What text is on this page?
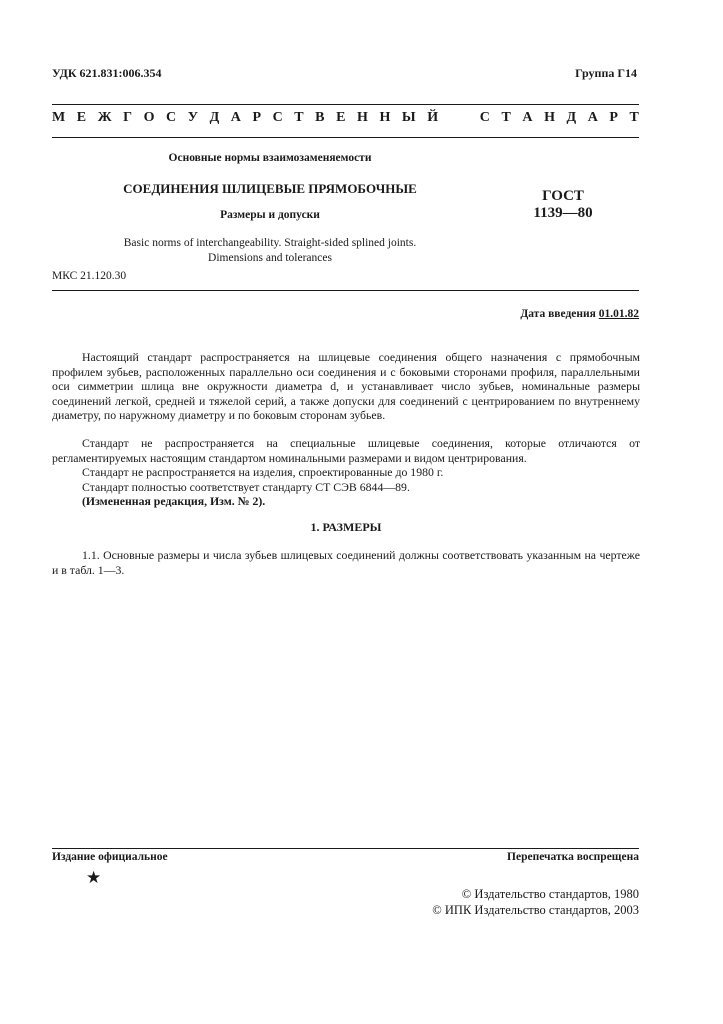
УДК 621.831:006.354	Группа Г14
М Е Ж Г О С У Д А Р С Т В Е Н Н Ы Й

	С Т А Н Д А Р Т
Основные нормы взаимозаменяемости
СОЕДИНЕНИЯ ШЛИЦЕВЫЕ ПРЯМОБОЧНЫЕ
Размеры и допуски
ГОСТ
1139—80
Basic norms of interchangeability. Straight-sided splined joints.
Dimensions and tolerances
МКС 21.120.30
Дата введения 01.01.82

Настоящий стандарт распространяется на шлицевые соединения общего назначения с прямобочным профилем зубьев, расположенных параллельно оси соединения и с боковыми сторонами профиля, параллельными оси симметрии шлица вне окружности диаметра d, и устанавливает число зубьев, номинальные размеры соединений легкой, средней и тяжелой серий, а также допуски для соединений с центрированием по внутреннему диаметру, по наружному диаметру и по боковым сторонам зубьев.

Стандарт не распространяется на специальные шлицевые соединения, которые отличаются от регламентируемых настоящим стандартом номинальными размерами и видом центрирования.

Стандарт не распространяется на изделия, спроектированные до 1980 г.

Стандарт полностью соответствует стандарту СТ СЭВ 6844—89.

(Измененная редакция, Изм. № 2).

1. РАЗМЕРЫ

1.1. Основные размеры и числа зубьев шлицевых соединений должны соответствовать указанным на чертеже и в табл. 1—3.

Издание официальное	Перепечатка воспрещена
★
© Издательство стандартов, 1980
© ИПК Издательство стандартов, 2003
